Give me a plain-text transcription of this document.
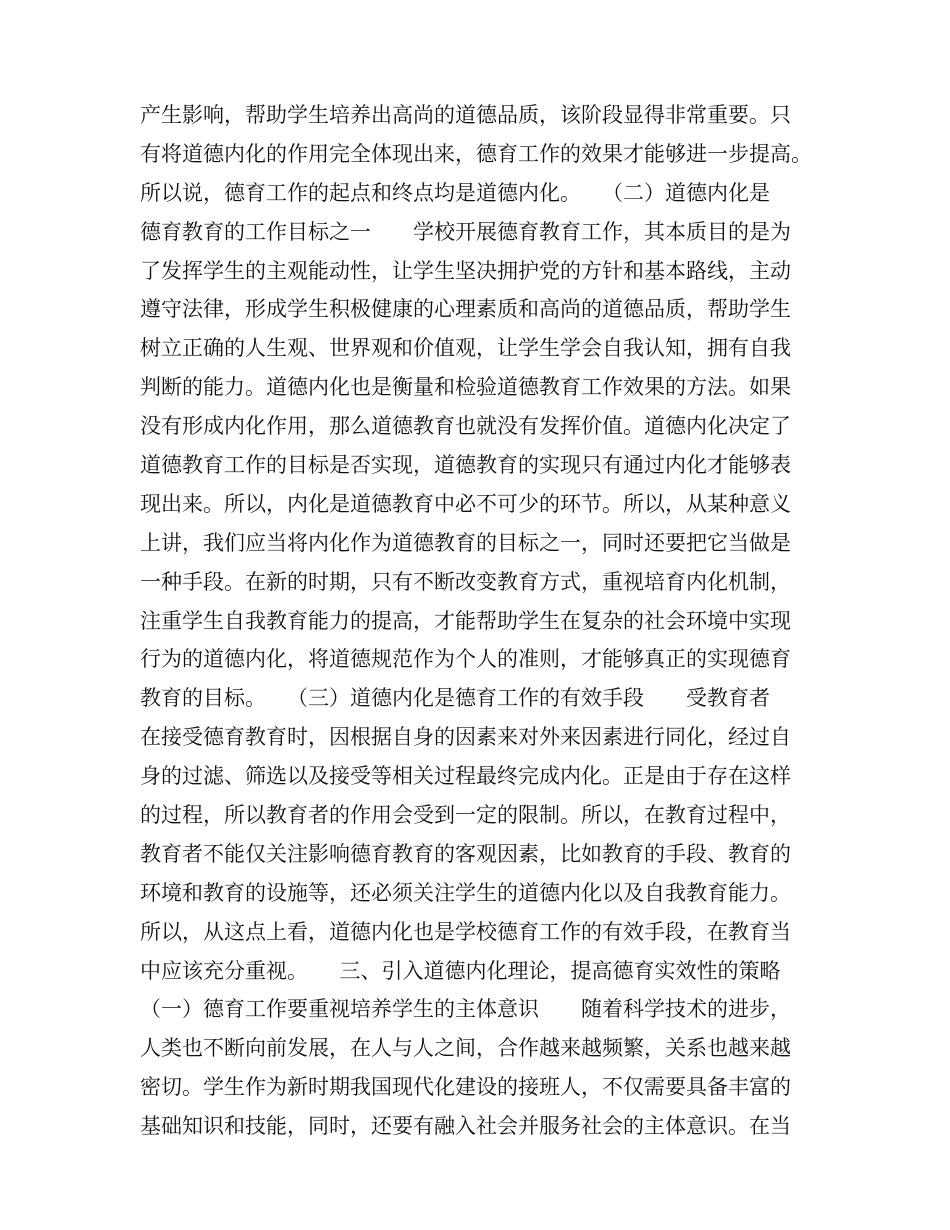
产生影响，帮助学生培养出高尚的道德品质，该阶段显得非常重要。只
有将道德内化的作用完全体现出来，德育工作的效果才能够进一步提高。
所以说，德育工作的起点和终点均是道德内化。　　（二）道德内化是
德育教育的工作目标之一　　学校开展德育教育工作，其本质目的是为
了发挥学生的主观能动性，让学生坚决拥护党的方针和基本路线，主动
遵守法律，形成学生积极健康的心理素质和高尚的道德品质，帮助学生
树立正确的人生观、世界观和价值观，让学生学会自我认知，拥有自我
判断的能力。道德内化也是衡量和检验道德教育工作效果的方法。如果
没有形成内化作用，那么道德教育也就没有发挥价值。道德内化决定了
道德教育工作的目标是否实现，道德教育的实现只有通过内化才能够表
现出来。所以，内化是道德教育中必不可少的环节。所以，从某种意义
上讲，我们应当将内化作为道德教育的目标之一，同时还要把它当做是
一种手段。在新的时期，只有不断改变教育方式，重视培育内化机制，
注重学生自我教育能力的提高，才能帮助学生在复杂的社会环境中实现
行为的道德内化，将道德规范作为个人的准则，才能够真正的实现德育
教育的目标。　　（三）道德内化是德育工作的有效手段　　受教育者
在接受德育教育时，因根据自身的因素来对外来因素进行同化，经过自
身的过滤、筛选以及接受等相关过程最终完成内化。正是由于存在这样
的过程，所以教育者的作用会受到一定的限制。所以，在教育过程中，
教育者不能仅关注影响德育教育的客观因素，比如教育的手段、教育的
环境和教育的设施等，还必须关注学生的道德内化以及自我教育能力。
所以，从这点上看，道德内化也是学校德育工作的有效手段，在教育当
中应该充分重视。　　三、引入道德内化理论，提高德育实效性的策略
（一）德育工作要重视培养学生的主体意识　　随着科学技术的进步，
人类也不断向前发展，在人与人之间，合作越来越频繁，关系也越来越
密切。学生作为新时期我国现代化建设的接班人，不仅需要具备丰富的
基础知识和技能，同时，还要有融入社会并服务社会的主体意识。在当
